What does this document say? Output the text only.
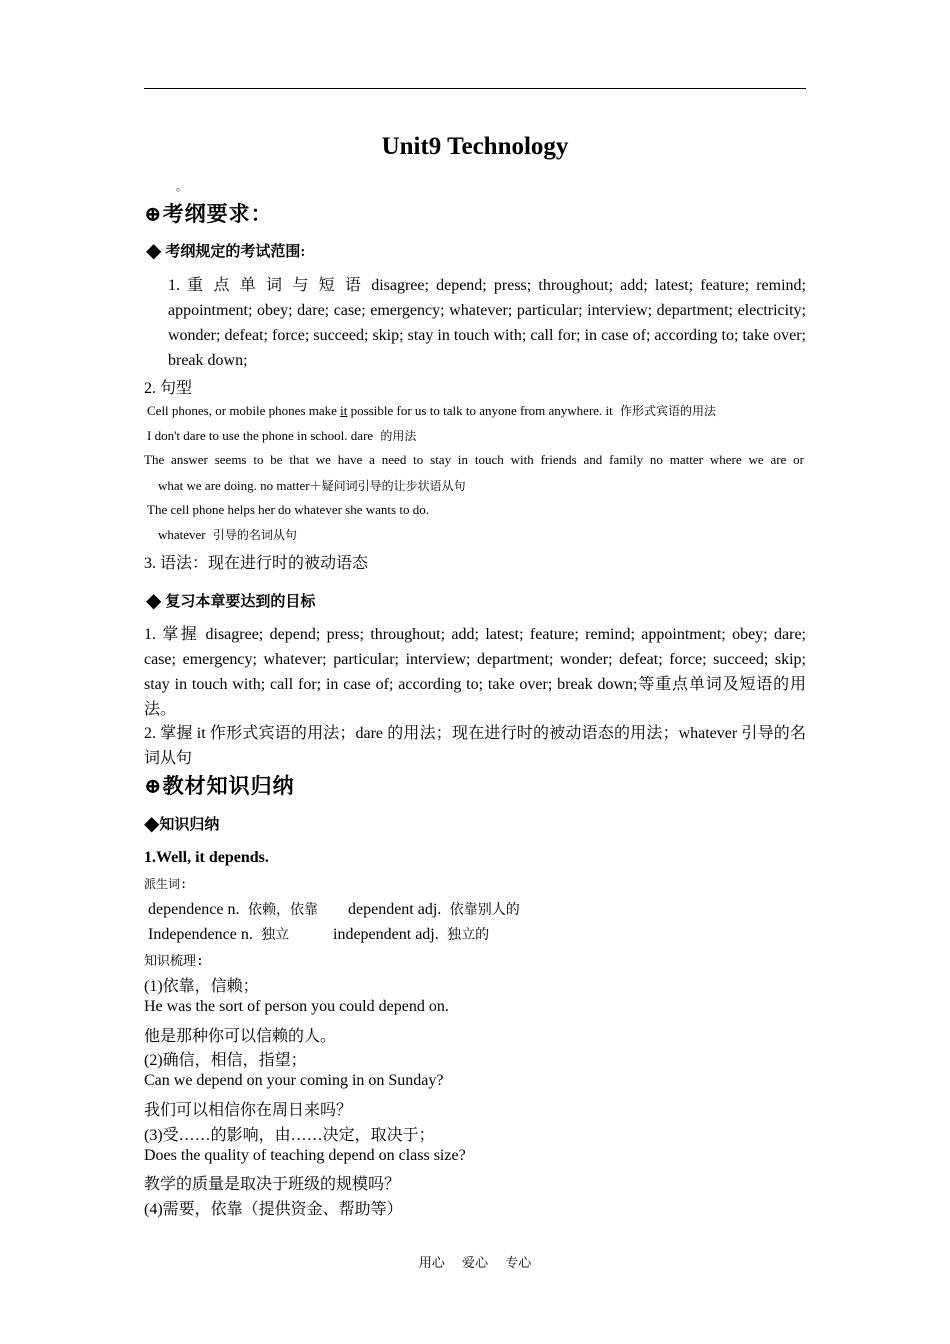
Unit9 Technology
。
⊕考纲要求：
◆ 考纲规定的考试范围:
1. 重 点 单 词 与 短 语 disagree; depend; press; throughout; add; latest; feature; remind; appointment; obey; dare; case; emergency; whatever; particular; interview; department; electricity; wonder; defeat; force; succeed; skip; stay in touch with; call for; in case of; according to; take over; break down;
2. 句型
Cell phones, or mobile phones make it possible for us to talk to anyone from anywhere. it 作形式宾语的用法
I don't dare to use the phone in school. dare 的用法
The answer seems to be that we have a need to stay in touch with friends and family no matter where we are or
what we are doing. no matter＋疑问词引导的让步状语从句
The cell phone helps her do whatever she wants to do.
whatever 引导的名词从句
3. 语法：现在进行时的被动语态
◆ 复习本章要达到的目标
1. 掌握 disagree; depend; press; throughout; add; latest; feature; remind; appointment; obey; dare; case; emergency; whatever; particular; interview; department; wonder; defeat; force; succeed; skip; stay in touch with; call for; in case of; according to; take over; break down;等重点单词及短语的用法。
2. 掌握 it 作形式宾语的用法；dare 的用法；现在进行时的被动语态的用法；whatever 引导的名词从句
⊕教材知识归纳
◆知识归纳
1.Well, it depends.
派生词:
dependence n. 依赖，依靠 dependent adj. 依靠别人的
Independence n. 独立	independent adj. 独立的
知识梳理:
(1)依靠，信赖；
He was the sort of person you could depend on.
他是那种你可以信赖的人。
(2)确信，相信，指望；
Can we depend on your coming in on Sunday?
我们可以相信你在周日来吗？
(3)受……的影响，由……决定，取决于；
Does the quality of teaching depend on class size?
教学的质量是取决于班级的规模吗？
(4)需要，依靠（提供资金、帮助等）
用心 爱心 专心
